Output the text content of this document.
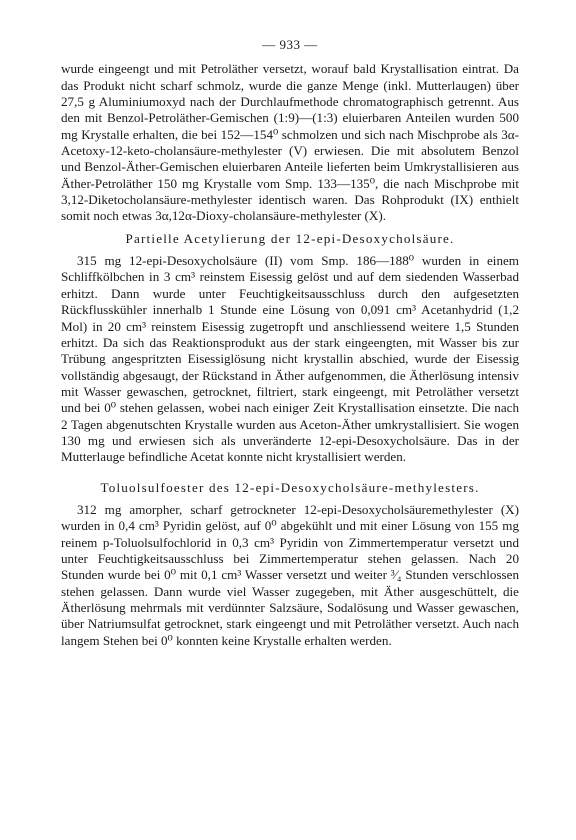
— 933 —

wurde eingeengt und mit Petroläther versetzt, worauf bald Krystallisation eintrat. Da das Produkt nicht scharf schmolz, wurde die ganze Menge (inkl. Mutterlaugen) über 27,5 g Aluminiumoxyd nach der Durchlaufmethode chromatographisch getrennt. Aus den mit Benzol-Petroläther-Gemischen (1:9)—(1:3) eluierbaren Anteilen wurden 500 mg Krystalle erhalten, die bei 152—154⁰ schmolzen und sich nach Mischprobe als 3α-Acetoxy-12-keto-cholansäure-methylester (V) erwiesen. Die mit absolutem Benzol und Benzol-Äther-Gemischen eluierbaren Anteile lieferten beim Umkrystallisieren aus Äther-Petroläther 150 mg Krystalle vom Smp. 133—135⁰, die nach Mischprobe mit 3,12-Diketocholansäure-methylester identisch waren. Das Rohprodukt (IX) enthielt somit noch etwas 3α,12α-Dioxy-cholansäure-methylester (X).

Partielle Acetylierung der 12-epi-Desoxycholsäure.

315 mg 12-epi-Desoxycholsäure (II) vom Smp. 186—188⁰ wurden in einem Schliffkölbchen in 3 cm³ reinstem Eisessig gelöst und auf dem siedenden Wasserbad erhitzt. Dann wurde unter Feuchtigkeitsausschluss durch den aufgesetzten Rückflusskühler innerhalb 1 Stunde eine Lösung von 0,091 cm³ Acetanhydrid (1,2 Mol) in 20 cm³ reinstem Eisessig zugetropft und anschliessend weitere 1,5 Stunden erhitzt. Da sich das Reaktionsprodukt aus der stark eingeengten, mit Wasser bis zur Trübung angespritzten Eisessiglösung nicht krystallin abschied, wurde der Eisessig vollständig abgesaugt, der Rückstand in Äther aufgenommen, die Ätherlösung intensiv mit Wasser gewaschen, getrocknet, filtriert, stark eingeengt, mit Petroläther versetzt und bei 0⁰ stehen gelassen, wobei nach einiger Zeit Krystallisation einsetzte. Die nach 2 Tagen abgenutschten Krystalle wurden aus Aceton-Äther umkrystallisiert. Sie wogen 130 mg und erwiesen sich als unveränderte 12-epi-Desoxycholsäure. Das in der Mutterlauge befindliche Acetat konnte nicht krystallisiert werden.

Toluolsulfoester des 12-epi-Desoxycholsäure-methylesters.

312 mg amorpher, scharf getrockneter 12-epi-Desoxycholsäuremethylester (X) wurden in 0,4 cm³ Pyridin gelöst, auf 0⁰ abgekühlt und mit einer Lösung von 155 mg reinem p-Toluolsulfochlorid in 0,3 cm³ Pyridin von Zimmertemperatur versetzt und unter Feuchtigkeitsausschluss bei Zimmertemperatur stehen gelassen. Nach 20 Stunden wurde bei 0⁰ mit 0,1 cm³ Wasser versetzt und weiter ³⁄₄ Stunden verschlossen stehen gelassen. Dann wurde viel Wasser zugegeben, mit Äther ausgeschüttelt, die Ätherlösung mehrmals mit verdünnter Salzsäure, Sodalösung und Wasser gewaschen, über Natriumsulfat getrocknet, stark eingeengt und mit Petroläther versetzt. Auch nach langem Stehen bei 0⁰ konnten keine Krystalle erhalten werden.
